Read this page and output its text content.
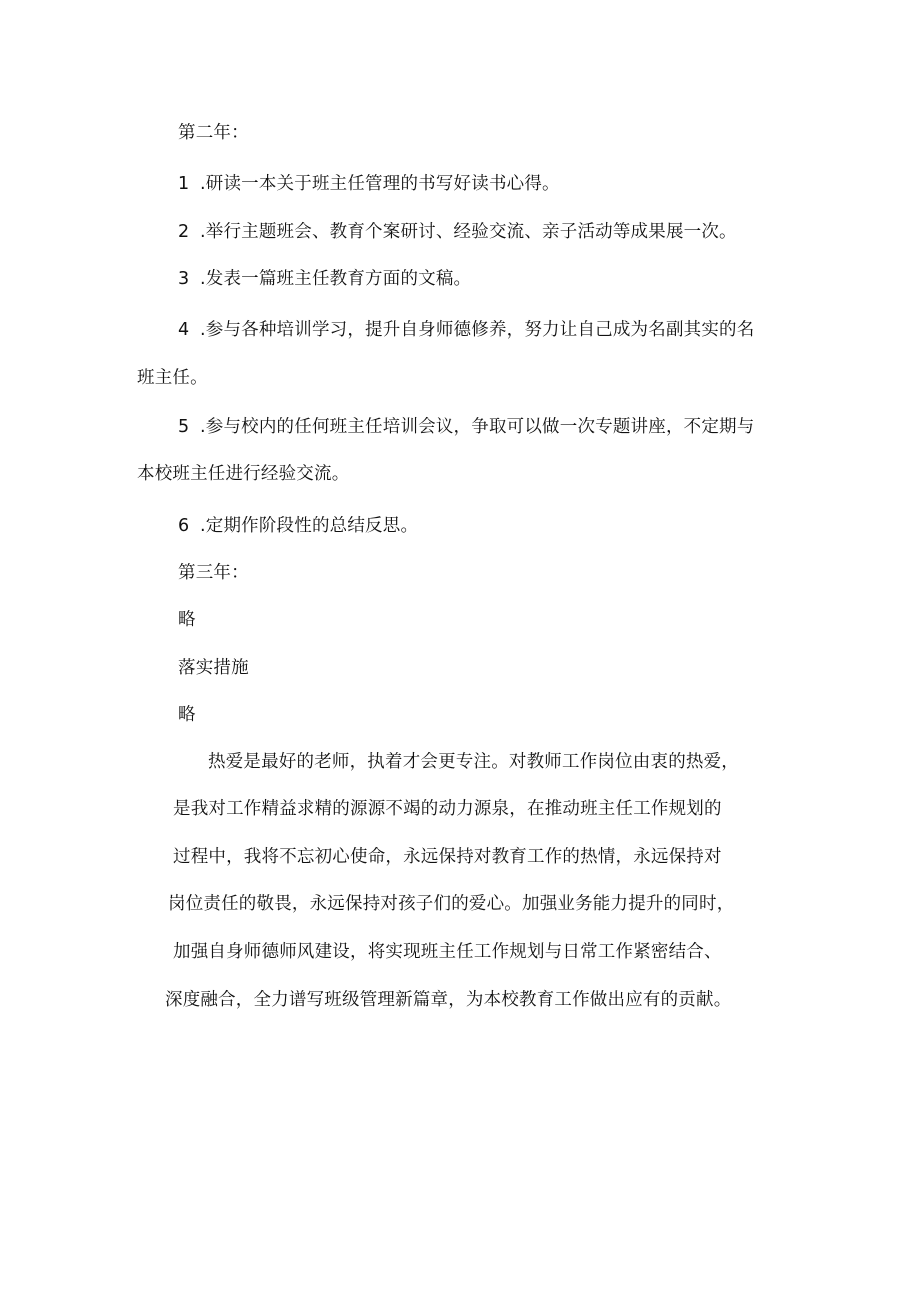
第二年：
1 .研读一本关于班主任管理的书写好读书心得。
2 .举行主题班会、教育个案研讨、经验交流、亲子活动等成果展一次。
3 .发表一篇班主任教育方面的文稿。
4 .参与各种培训学习，提升自身师德修养，努力让自己成为名副其实的名
班主任。
5 .参与校内的任何班主任培训会议，争取可以做一次专题讲座，不定期与
本校班主任进行经验交流。
6 .定期作阶段性的总结反思。
第三年：
略
落实措施
略
热爱是最好的老师，执着才会更专注。对教师工作岗位由衷的热爱，
是我对工作精益求精的源源不竭的动力源泉，在推动班主任工作规划的
过程中，我将不忘初心使命，永远保持对教育工作的热情，永远保持对
岗位责任的敬畏，永远保持对孩子们的爱心。加强业务能力提升的同时，
加强自身师德师风建设，将实现班主任工作规划与日常工作紧密结合、
深度融合，全力谱写班级管理新篇章，为本校教育工作做出应有的贡献。
